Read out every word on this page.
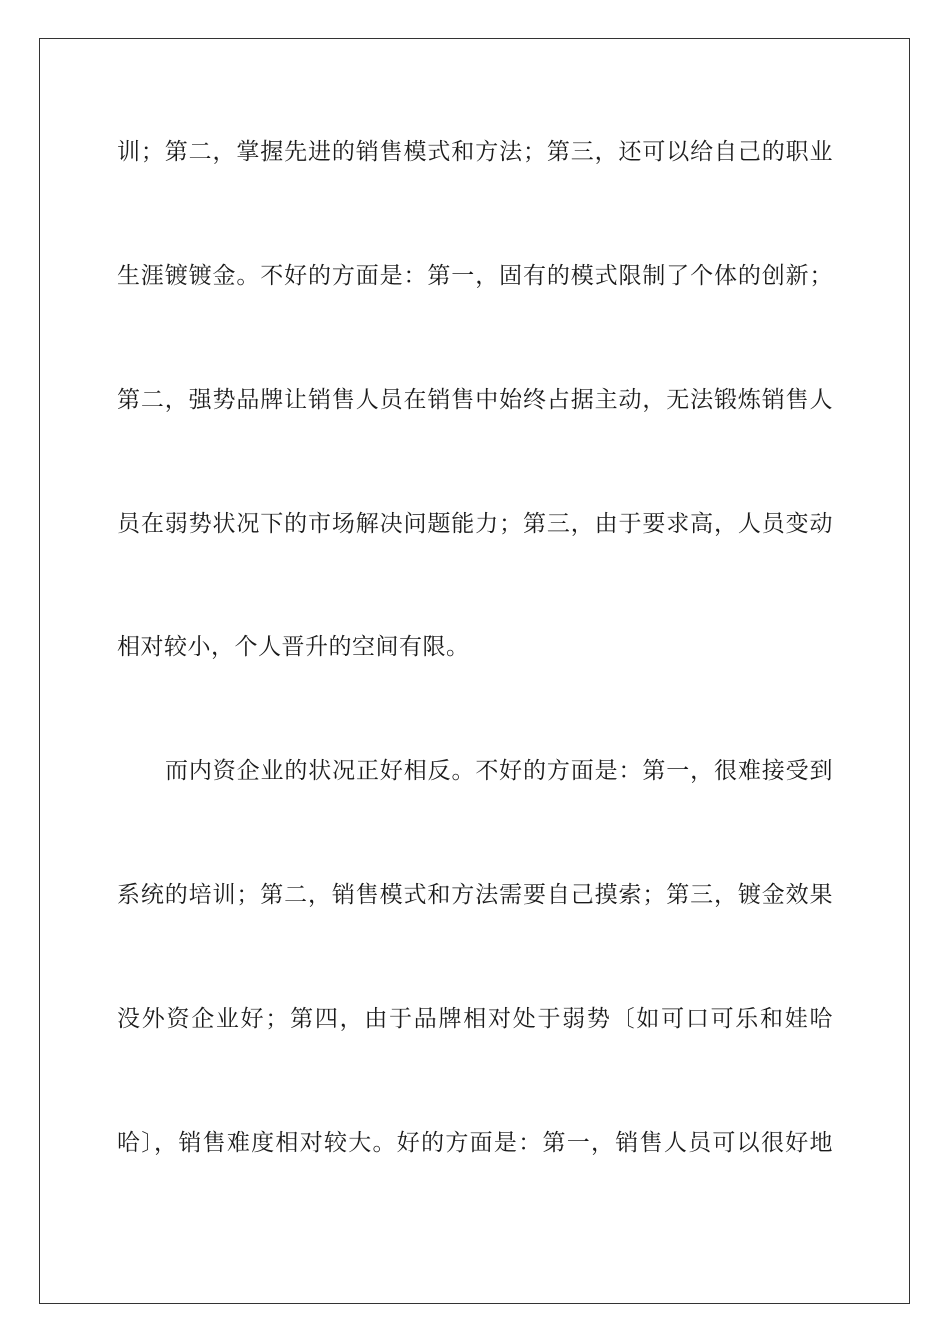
训；第二，掌握先进的销售模式和方法；第三，还可以给自己的职业
生涯镀镀金。不好的方面是：第一，固有的模式限制了个体的创新；
第二，强势品牌让销售人员在销售中始终占据主动，无法锻炼销售人
员在弱势状况下的市场解决问题能力；第三，由于要求高，人员变动
相对较小，个人晋升的空间有限。
而内资企业的状况正好相反。不好的方面是：第一，很难接受到
系统的培训；第二，销售模式和方法需要自己摸索；第三，镀金效果
没外资企业好；第四，由于品牌相对处于弱势〔如可口可乐和娃哈
哈〕，销售难度相对较大。好的方面是：第一，销售人员可以很好地
